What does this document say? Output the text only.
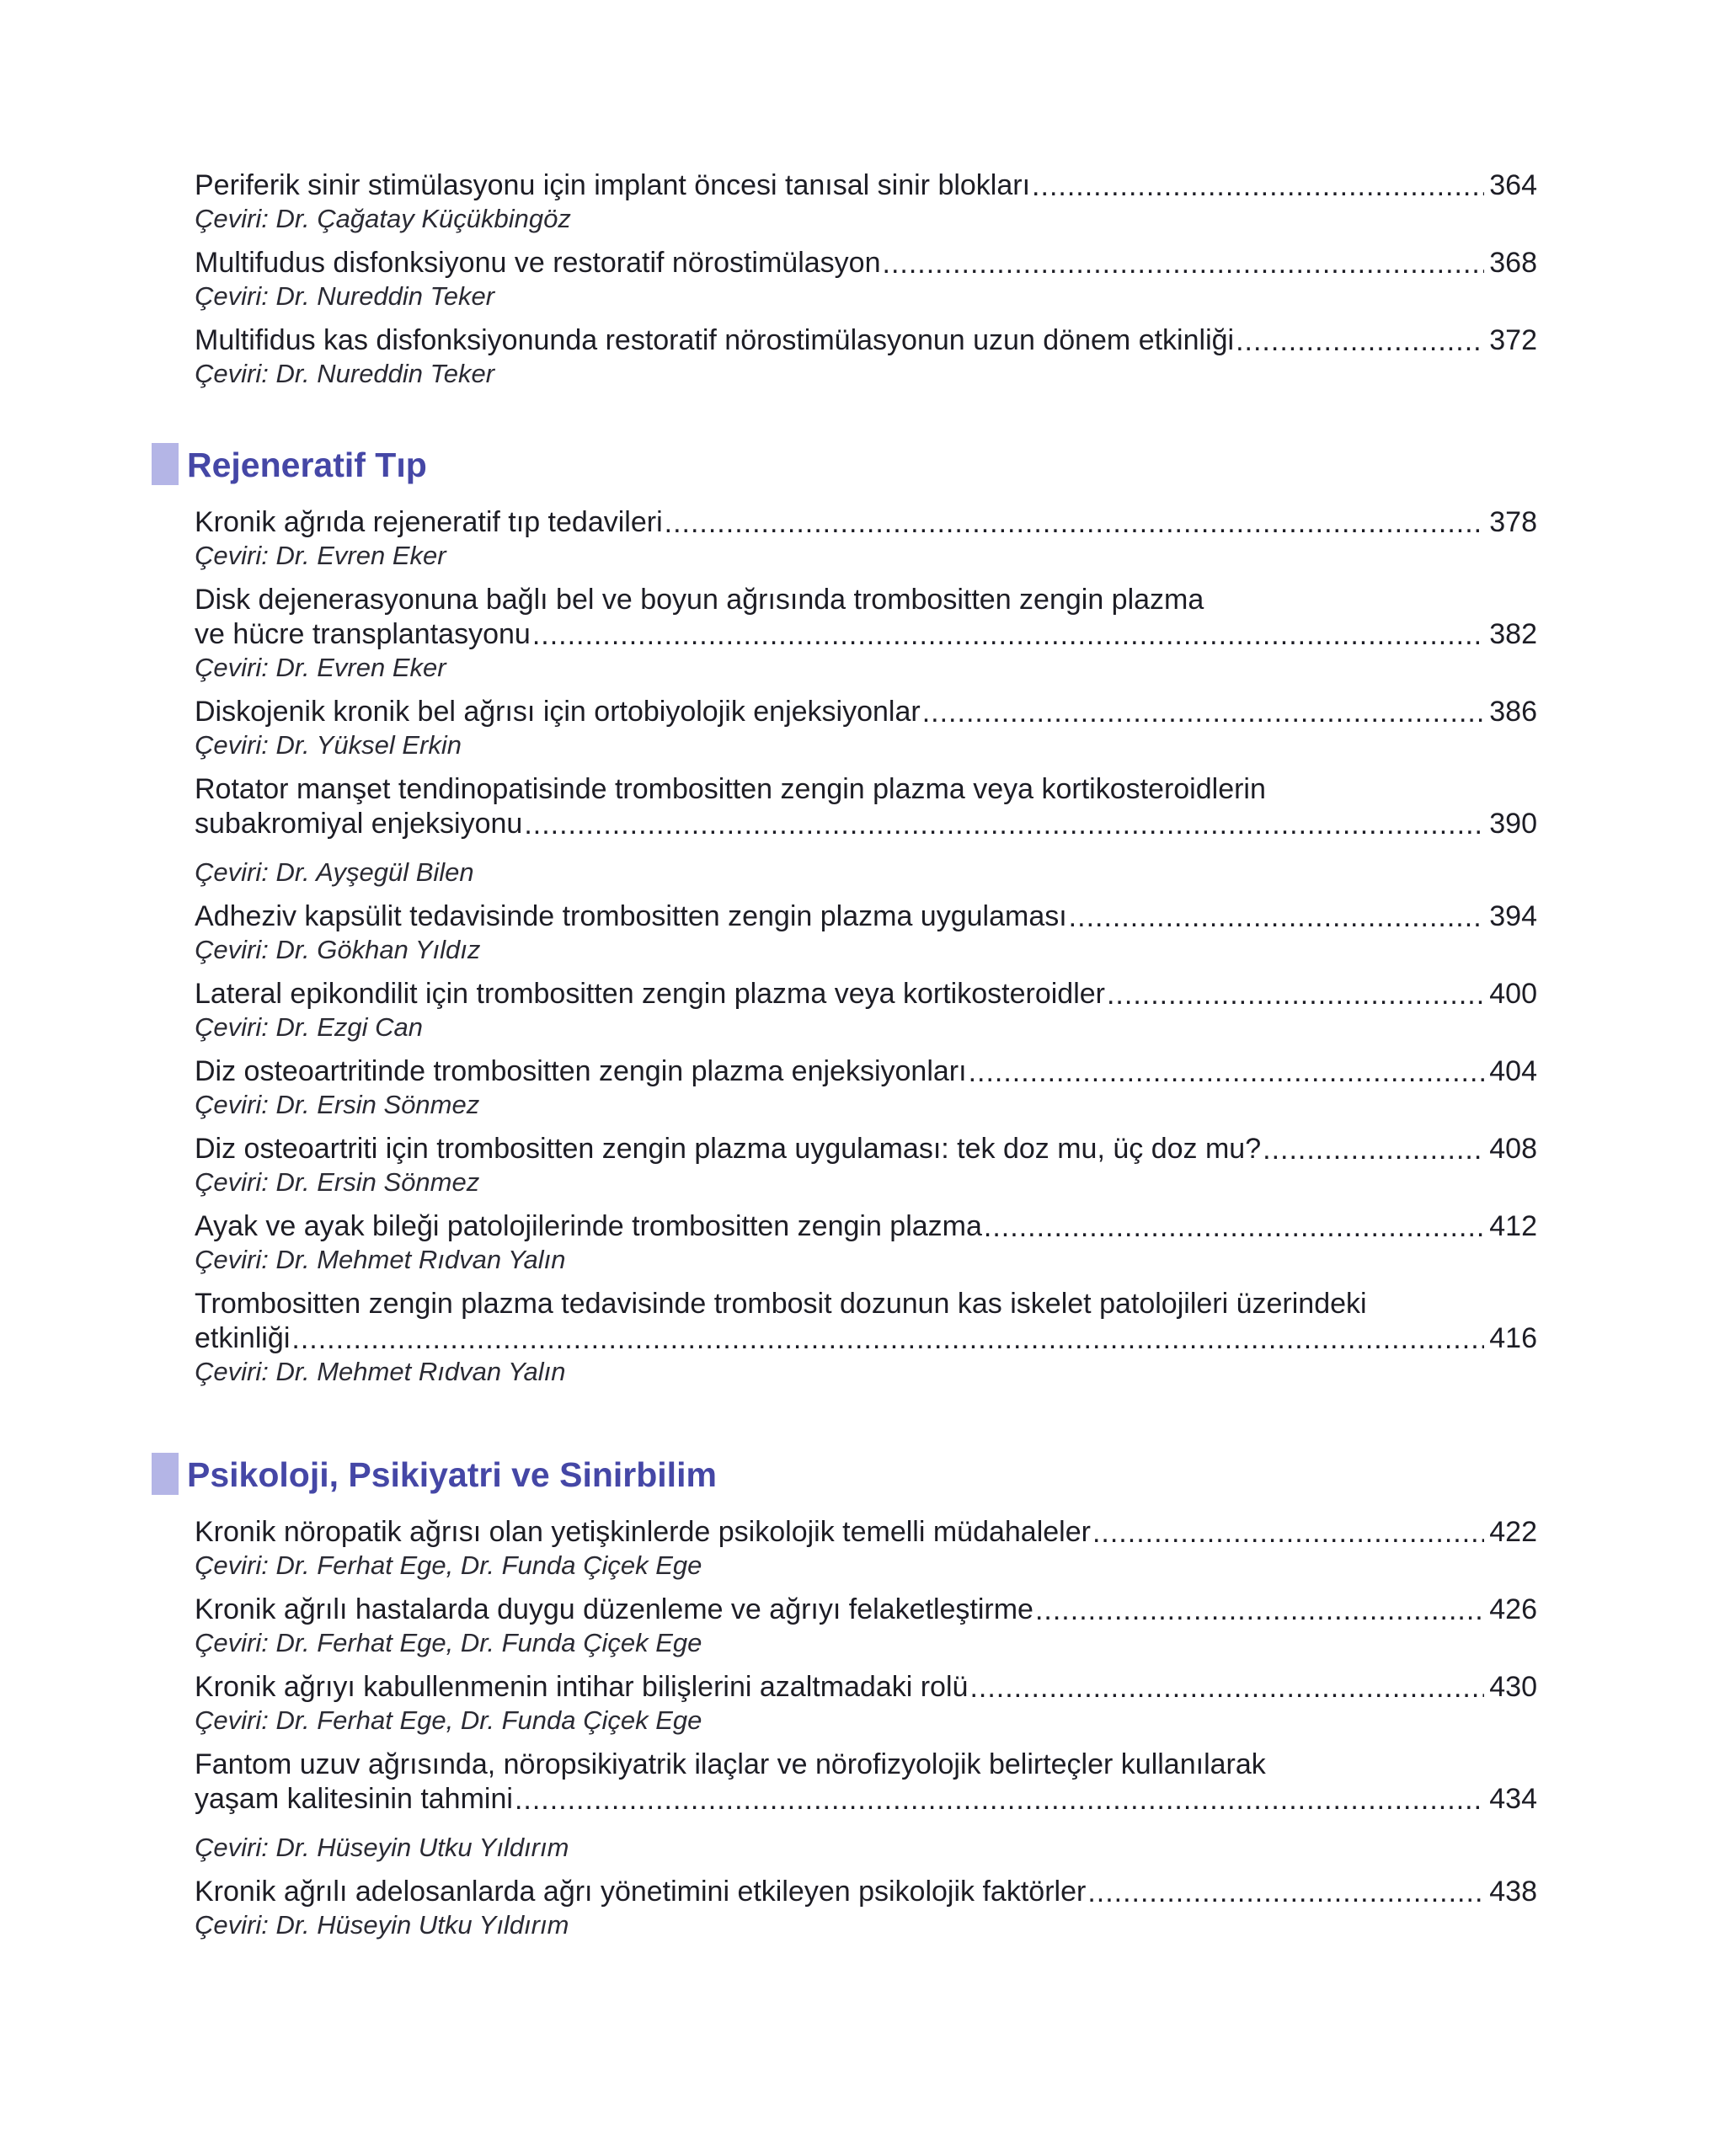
Periferik sinir stimülasyonu için implant öncesi tanısal sinir blokları .....	364
Çeviri: Dr. Çağatay Küçükbingöz
Multifudus disfonksiyonu ve restoratif nörostimülasyon .....	368
Çeviri: Dr. Nureddin Teker
Multifidus kas disfonksiyonunda restoratif nörostimülasyonun uzun dönem etkinliği .....	372
Çeviri: Dr. Nureddin Teker
Rejeneratif Tıp
Kronik ağrıda rejeneratif tıp tedavileri .....	378
Çeviri: Dr. Evren Eker
Disk dejenerasyonuna bağlı bel ve boyun ağrısında trombositten zengin plazma
ve hücre transplantasyonu .....	382
Çeviri: Dr. Evren Eker
Diskojenik kronik bel ağrısı için ortobiyolojik enjeksiyonlar .....	386
Çeviri: Dr. Yüksel Erkin
Rotator manşet tendinopatisinde trombositten zengin plazma veya kortikosteroidlerin
subakromiyal enjeksiyonu .....	390
Çeviri: Dr. Ayşegül Bilen
Adheziv kapsülit tedavisinde trombositten zengin plazma uygulaması .....	394
Çeviri: Dr. Gökhan Yıldız
Lateral epikondilit için trombositten zengin plazma veya kortikosteroidler .....	400
Çeviri: Dr. Ezgi Can
Diz osteoartritinde trombositten zengin plazma enjeksiyonları .....	404
Çeviri: Dr. Ersin Sönmez
Diz osteoartriti için trombositten zengin plazma uygulaması: tek doz mu, üç doz mu? .....	408
Çeviri: Dr. Ersin Sönmez
Ayak ve ayak bileği patolojilerinde trombositten zengin plazma .....	412
Çeviri: Dr. Mehmet Rıdvan Yalın
Trombositten zengin plazma tedavisinde trombosit dozunun kas iskelet patolojileri üzerindeki
etkinliği .....	416
Çeviri: Dr. Mehmet Rıdvan Yalın
Psikoloji, Psikiyatri ve Sinirbilim
Kronik nöropatik ağrısı olan yetişkinlerde psikolojik temelli müdahaleler .....	422
Çeviri: Dr. Ferhat Ege, Dr. Funda Çiçek Ege
Kronik ağrılı hastalarda duygu düzenleme ve ağrıyı felaketleştirme .....	426
Çeviri: Dr. Ferhat Ege, Dr. Funda Çiçek Ege
Kronik ağrıyı kabullenmenin intihar bilişlerini azaltmadaki rolü .....	430
Çeviri: Dr. Ferhat Ege, Dr. Funda Çiçek Ege
Fantom uzuv ağrısında, nöropsikiyatrik ilaçlar ve nörofizyolojik belirteçler kullanılarak
yaşam kalitesinin tahmini .....	434
Çeviri: Dr. Hüseyin Utku Yıldırım
Kronik ağrılı adelosanlarda ağrı yönetimini etkileyen psikolojik faktörler .....	438
Çeviri: Dr. Hüseyin Utku Yıldırım
